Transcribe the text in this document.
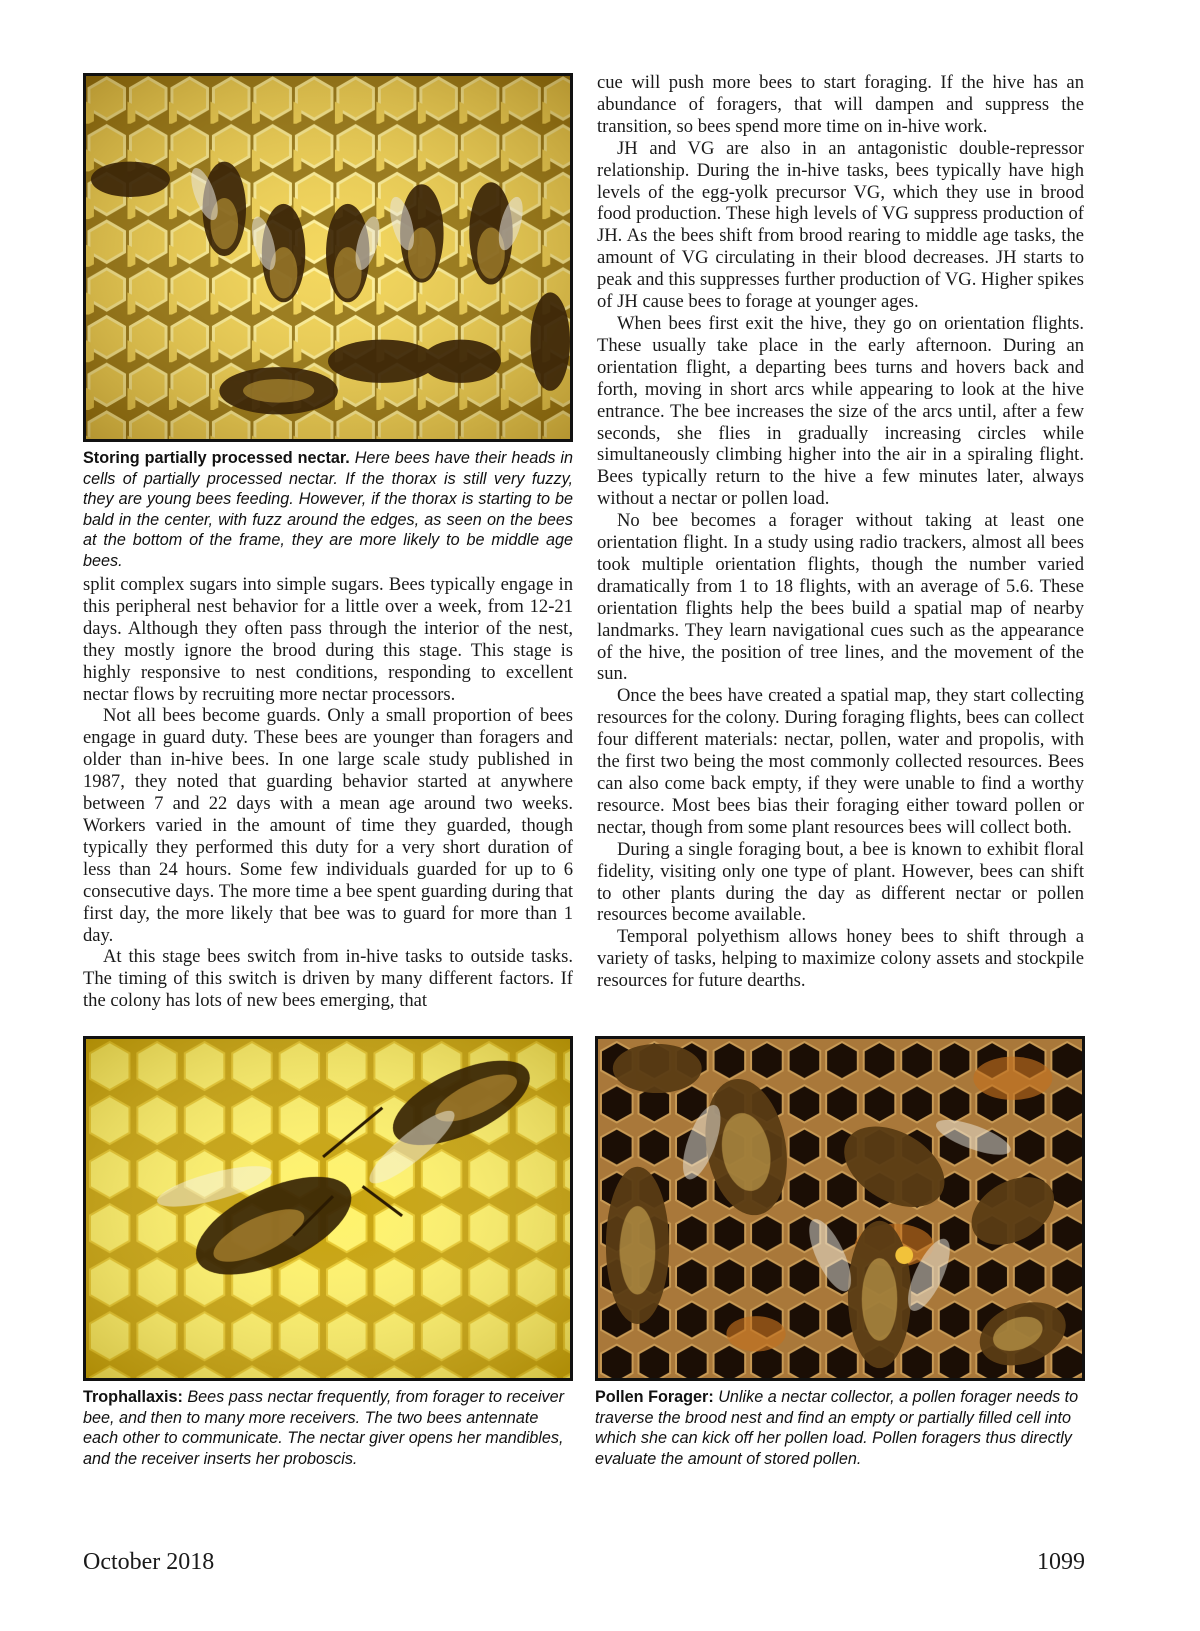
Storing partially processed nectar. Here bees have their heads in cells of partially processed nectar. If the thorax is still very fuzzy, they are young bees feeding. However, if the thorax is starting to be bald in the center, with fuzz around the edges, as seen on the bees at the bottom of the frame, they are more likely to be middle age bees.

split complex sugars into simple sugars. Bees typically engage in this peripheral nest behavior for a little over a week, from 12-21 days. Although they often pass through the interior of the nest, they mostly ignore the brood during this stage. This stage is highly responsive to nest conditions, responding to excellent nectar flows by recruiting more nectar processors.

Not all bees become guards. Only a small proportion of bees engage in guard duty. These bees are younger than foragers and older than in-hive bees. In one large scale study published in 1987, they noted that guarding behavior started at anywhere between 7 and 22 days with a mean age around two weeks. Workers varied in the amount of time they guarded, though typically they performed this duty for a very short duration of less than 24 hours. Some few individuals guarded for up to 6 consecutive days. The more time a bee spent guarding during that first day, the more likely that bee was to guard for more than 1 day.

At this stage bees switch from in-hive tasks to outside tasks. The timing of this switch is driven by many different factors. If the colony has lots of new bees emerging, that

cue will push more bees to start foraging. If the hive has an abundance of foragers, that will dampen and suppress the transition, so bees spend more time on in-hive work.

JH and VG are also in an antagonistic double-repressor relationship. During the in-hive tasks, bees typically have high levels of the egg-yolk precursor VG, which they use in brood food production. These high levels of VG suppress production of JH. As the bees shift from brood rearing to middle age tasks, the amount of VG circulating in their blood decreases. JH starts to peak and this suppresses further production of VG. Higher spikes of JH cause bees to forage at younger ages.

When bees first exit the hive, they go on orientation flights. These usually take place in the early afternoon. During an orientation flight, a departing bees turns and hovers back and forth, moving in short arcs while appearing to look at the hive entrance. The bee increases the size of the arcs until, after a few seconds, she flies in gradually increasing circles while simultaneously climbing higher into the air in a spiraling flight. Bees typically return to the hive a few minutes later, always without a nectar or pollen load.

No bee becomes a forager without taking at least one orientation flight. In a study using radio trackers, almost all bees took multiple orientation flights, though the number varied dramatically from 1 to 18 flights, with an average of 5.6. These orientation flights help the bees build a spatial map of nearby landmarks. They learn navigational cues such as the appearance of the hive, the position of tree lines, and the movement of the sun.

Once the bees have created a spatial map, they start collecting resources for the colony. During foraging flights, bees can collect four different materials: nectar, pollen, water and propolis, with the first two being the most commonly collected resources. Bees can also come back empty, if they were unable to find a worthy resource. Most bees bias their foraging either toward pollen or nectar, though from some plant resources bees will collect both.

During a single foraging bout, a bee is known to exhibit floral fidelity, visiting only one type of plant. However, bees can shift to other plants during the day as different nectar or pollen resources become available.

Temporal polyethism allows honey bees to shift through a variety of tasks, helping to maximize colony assets and stockpile resources for future dearths.

Trophallaxis: Bees pass nectar frequently, from forager to receiver bee, and then to many more receivers. The two bees antennate each other to communicate. The nectar giver opens her mandibles, and the receiver inserts her proboscis.
Pollen Forager: Unlike a nectar collector, a pollen forager needs to traverse the brood nest and find an empty or partially filled cell into which she can kick off her pollen load. Pollen foragers thus directly evaluate the amount of stored pollen.
October 2018	1099
